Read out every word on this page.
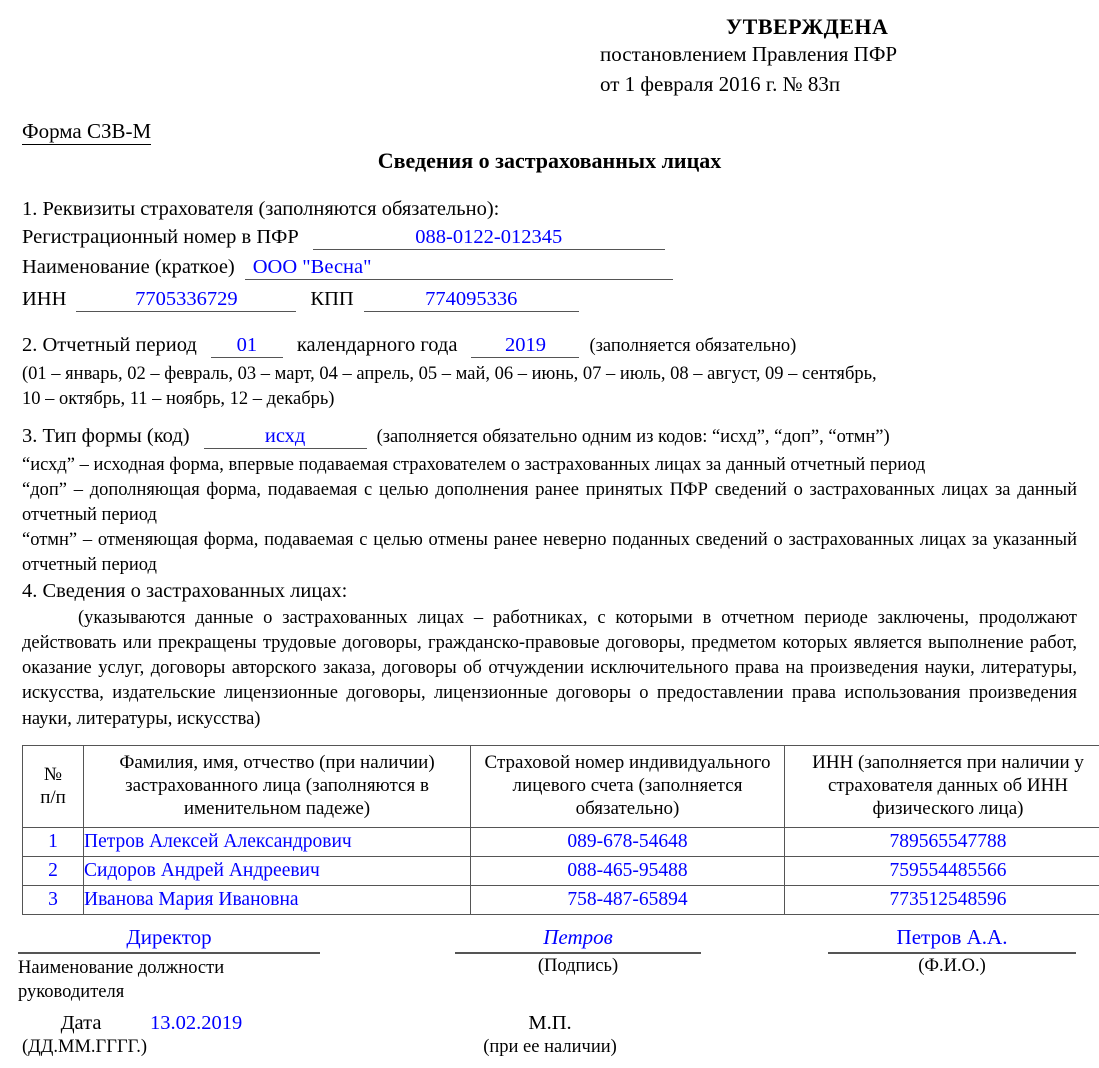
УТВЕРЖДЕНА
постановлением Правления ПФР
от 1 февраля 2016 г. № 83п
Форма СЗВ-М
Сведения о застрахованных лицах
1. Реквизиты страхователя (заполняются обязательно):
Регистрационный номер в ПФР	088-0122-012345
Наименование (краткое) ООО "Весна"
ИНН	7705336729	КПП	774095336
2. Отчетный период	01	календарного года	2019	(заполняется обязательно)
(01 – январь, 02 – февраль, 03 – март, 04 – апрель, 05 – май, 06 – июнь, 07 – июль, 08 – август, 09 – сентябрь,
10 – октябрь, 11 – ноябрь, 12 – декабрь)
3. Тип формы (код)	исхд	(заполняется обязательно одним из кодов: “исхд”, “доп”, “отмн”)
“исхд” – исходная форма, впервые подаваемая страхователем о застрахованных лицах за данный отчетный период
“доп” – дополняющая форма, подаваемая с целью дополнения ранее принятых ПФР сведений о застрахованных лицах за данный отчетный период
“отмн” – отменяющая форма, подаваемая с целью отмены ранее неверно поданных сведений о застрахованных лицах за указанный отчетный период
4. Сведения о застрахованных лицах:
(указываются данные о застрахованных лицах – работниках, с которыми в отчетном периоде заключены, продолжают действовать или прекращены трудовые договоры, гражданско-правовые договоры, предметом которых является выполнение работ, оказание услуг, договоры авторского заказа, договоры об отчуждении исключительного права на произведения науки, литературы, искусства, издательские лицензионные договоры, лицензионные договоры о предоставлении права использования произведения науки, литературы, искусства)
№
п/п	Фамилия, имя, отчество (при наличии) застрахованного лица (заполняются в именительном падеже)	Страховой номер индивидуального лицевого счета (заполняется обязательно)	ИНН (заполняется при наличии у страхователя данных об ИНН физического лица)
1	Петров Алексей Александрович	089-678-54648	789565547788
2	Сидоров Андрей Андреевич	088-465-95488	759554485566
3	Иванова Мария Ивановна	758-487-65894	773512548596
Директор
Наименование должности
руководителя
Петров
(Подпись)
Петров А.А.
(Ф.И.О.)
Дата	13.02.2019
(ДД.ММ.ГГГГ.)
М.П.
(при ее наличии)
